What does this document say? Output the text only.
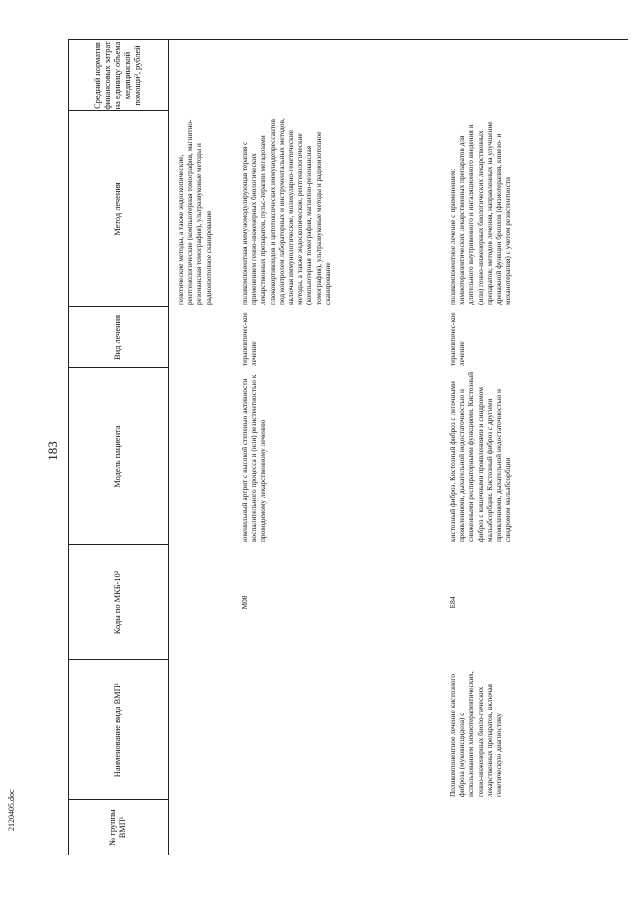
183
2120405.doc	№ группы ВМП¹
Наименование вида ВМП¹
Коды по МКБ-10²
Модель пациента
Вид лечения
Метод лечения
Средний норматив финансовых затрат на единицу объема медицинской помощи³, рублей
генетические методы, а также эндоскопические, рентгенологические (компьютерная томография, магнитно-резонансная томография), ультразвуковые методы и радиоизотопное сканирование
M08
ювенильный артрит с высокой степенью активности воспалительного процесса и (или) резистентностью к проводимому лекарственному лечению
терапевтичес-кое лечение
поликомпонентная иммуномодулирующая терапия с применением генно-инженерных биологических лекарственных препаратов, пульс-терапии мегадозами глюкокортикоидов и цитотоксических иммунодепрессантов под контролем лабораторных и инструментальных методов, включая иммунологические, молекулярно-генетические методы, а также эндоскопические, рентгенологические (компьютерная томография, магнитно-резонансная томография), ультразвуковые методы и радиоизотопное сканирование
Поликомпонентное лечение кистозного фиброза (муковисцидоза) с использованием химиотерапевтических, генно-инженерных биоло-гических лекарственных препаратов, включая генетическую диагностику
E84
кистозный фиброз. Кистозный фиброз с легочными проявлениями, дыхательной недостаточностью и сниженными респираторными функциями. Кистозный фиброз с кишечными проявлениями и синдромом мальабсорбции. Кистозный фиброз с другими проявлениями, дыхательной недостаточностью и синдромом мальабсорбции
терапевтичес-кое лечение
поликомпонентное лечение с применением: химиотерапевтических лекарственных препаратов для длительного внутривенного и ингаляционного введения и (или) генно-инженерных биологических лекарственных препаратов; методов лечения, направленных на улучшение дренажной функции бронхов (физиотерапия, кинезо- и механотерапия) с учетом резистентности
